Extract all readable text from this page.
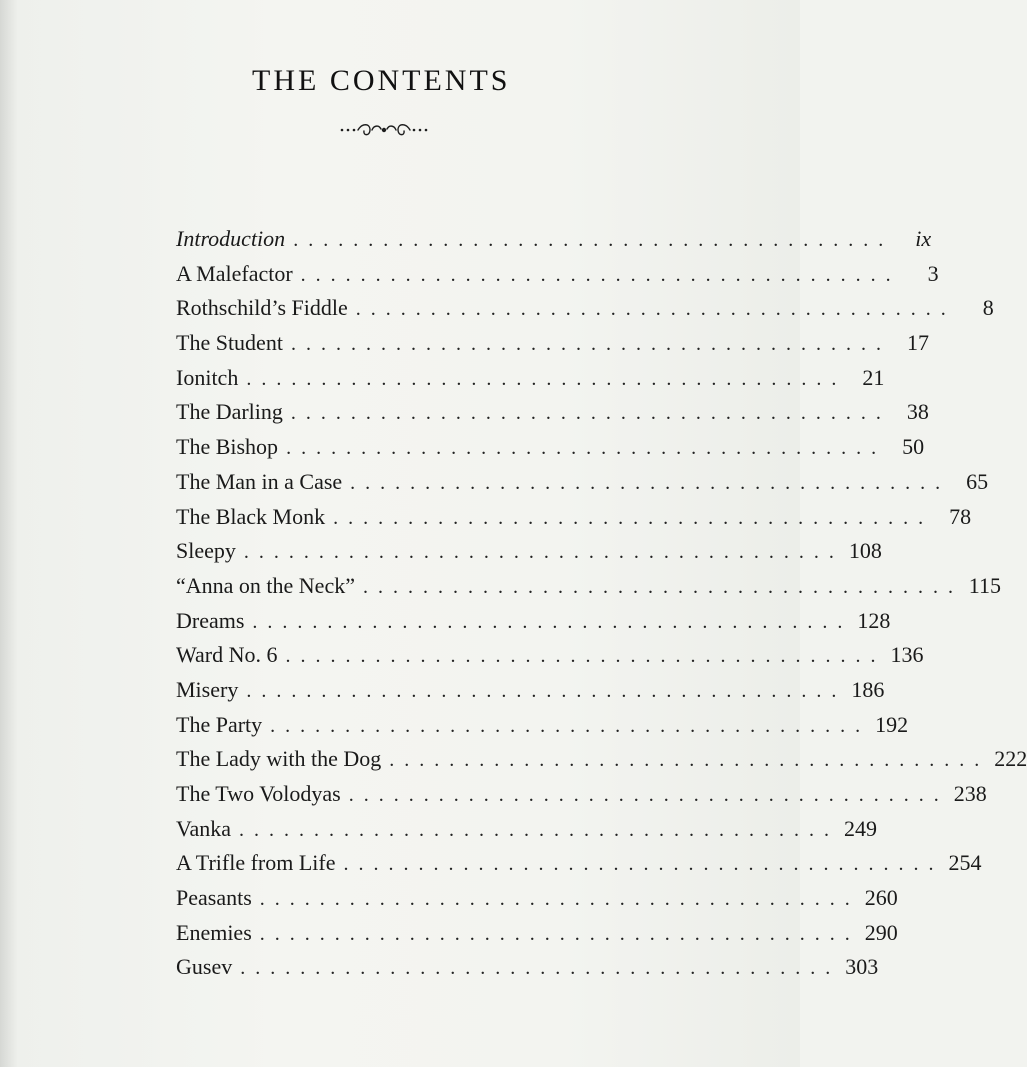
THE CONTENTS
Introduction ........................................	ix
A Malefactor ........................................	3
Rothschild’s Fiddle ........................................	8
The Student ........................................ 17
Ionitch ........................................ 21
The Darling ........................................ 38
The Bishop ........................................ 50
The Man in a Case ........................................ 65
The Black Monk ........................................ 78
Sleepy ........................................ 108
“Anna on the Neck” ........................................ 115
Dreams ........................................ 128
Ward No. 6 ........................................ 136
Misery ........................................ 186
The Party ........................................ 192
The Lady with the Dog ........................................ 222
The Two Volodyas ........................................ 238
Vanka ........................................ 249
A Trifle from Life ........................................ 254
Peasants ........................................ 260
Enemies ........................................ 290
Gusev ........................................ 303
